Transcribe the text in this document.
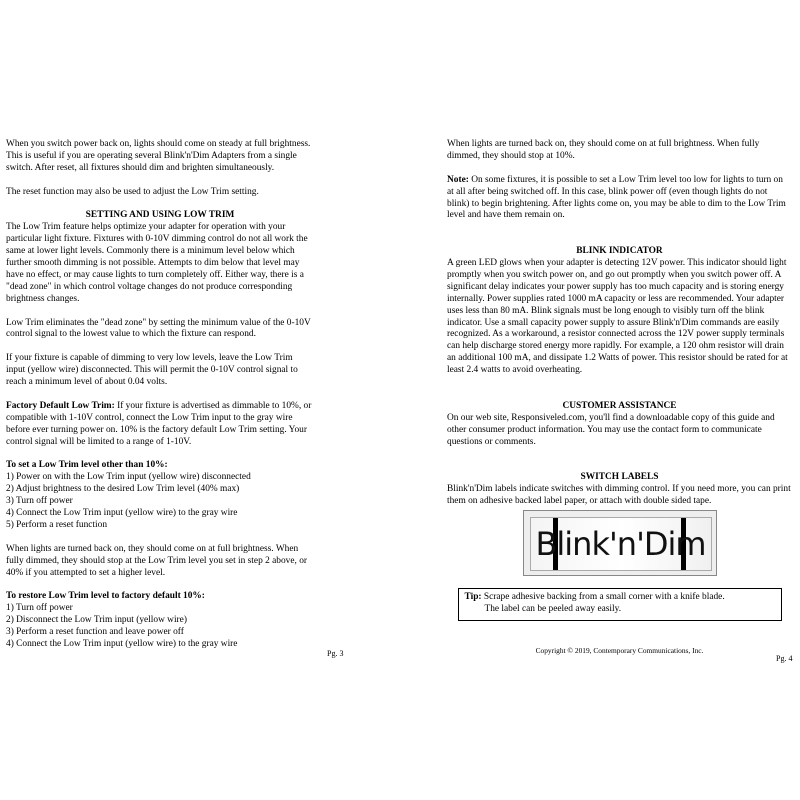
When you switch power back on, lights should come on steady at full brightness. This is useful if you are operating several Blink'n'Dim Adapters from a single switch. After reset, all fixtures should dim and brighten simultaneously.

The reset function may also be used to adjust the Low Trim setting.

SETTING AND USING LOW TRIM

The Low Trim feature helps optimize your adapter for operation with your particular light fixture. Fixtures with 0-10V dimming control do not all work the same at lower light levels. Commonly there is a minimum level below which further smooth dimming is not possible. Attempts to dim below that level may have no effect, or may cause lights to turn completely off. Either way, there is a "dead zone" in which control voltage changes do not produce corresponding brightness changes.

Low Trim eliminates the "dead zone" by setting the minimum value of the 0-10V control signal to the lowest value to which the fixture can respond.

If your fixture is capable of dimming to very low levels, leave the Low Trim input (yellow wire) disconnected. This will permit the 0-10V control signal to reach a minimum level of about 0.04 volts.

Factory Default Low Trim: If your fixture is advertised as dimmable to 10%, or compatible with 1-10V control, connect the Low Trim input to the gray wire before ever turning power on. 10% is the factory default Low Trim setting. Your control signal will be limited to a range of 1-10V.

To set a Low Trim level other than 10%:
1) Power on with the Low Trim input (yellow wire) disconnected
2) Adjust brightness to the desired Low Trim level (40% max)
3) Turn off power
4) Connect the Low Trim input (yellow wire) to the gray wire
5) Perform a reset function

When lights are turned back on, they should come on at full brightness. When fully dimmed, they should stop at the Low Trim level you set in step 2 above, or 40% if you attempted to set a higher level.

To restore Low Trim level to factory default 10%:
1) Turn off power
2) Disconnect the Low Trim input (yellow wire)
3) Perform a reset function and leave power off
4) Connect the Low Trim input (yellow wire) to the gray wire
Pg. 3

When lights are turned back on, they should come on at full brightness. When fully dimmed, they should stop at 10%.

Note: On some fixtures, it is possible to set a Low Trim level too low for lights to turn on at all after being switched off. In this case, blink power off (even though lights do not blink) to begin brightening. After lights come on, you may be able to dim to the Low Trim level and have them remain on.

BLINK INDICATOR

A green LED glows when your adapter is detecting 12V power. This indicator should light promptly when you switch power on, and go out promptly when you switch power off. A significant delay indicates your power supply has too much capacity and is storing energy internally. Power supplies rated 1000 mA capacity or less are recommended. Your adapter uses less than 80 mA. Blink signals must be long enough to visibly turn off the blink indicator. Use a small capacity power supply to assure Blink'n'Dim commands are easily recognized. As a workaround, a resistor connected across the 12V power supply terminals can help discharge stored energy more rapidly. For example, a 120 ohm resistor will drain an additional 100 mA, and dissipate 1.2 Watts of power. This resistor should be rated for at least 2.4 watts to avoid overheating.

CUSTOMER ASSISTANCE

On our web site, Responsiveled.com, you'll find a downloadable copy of this guide and other consumer product information. You may use the contact form to communicate questions or comments.

SWITCH LABELS

Blink'n'Dim labels indicate switches with dimming control. If you need more, you can print them on adhesive backed label paper, or attach with double sided tape.

Blink'n'Dim
Tip: Scrape adhesive backing from a small corner with a knife blade.
The label can be peeled away easily.
Copyright © 2019, Contemporary Communications, Inc.
Pg. 4
